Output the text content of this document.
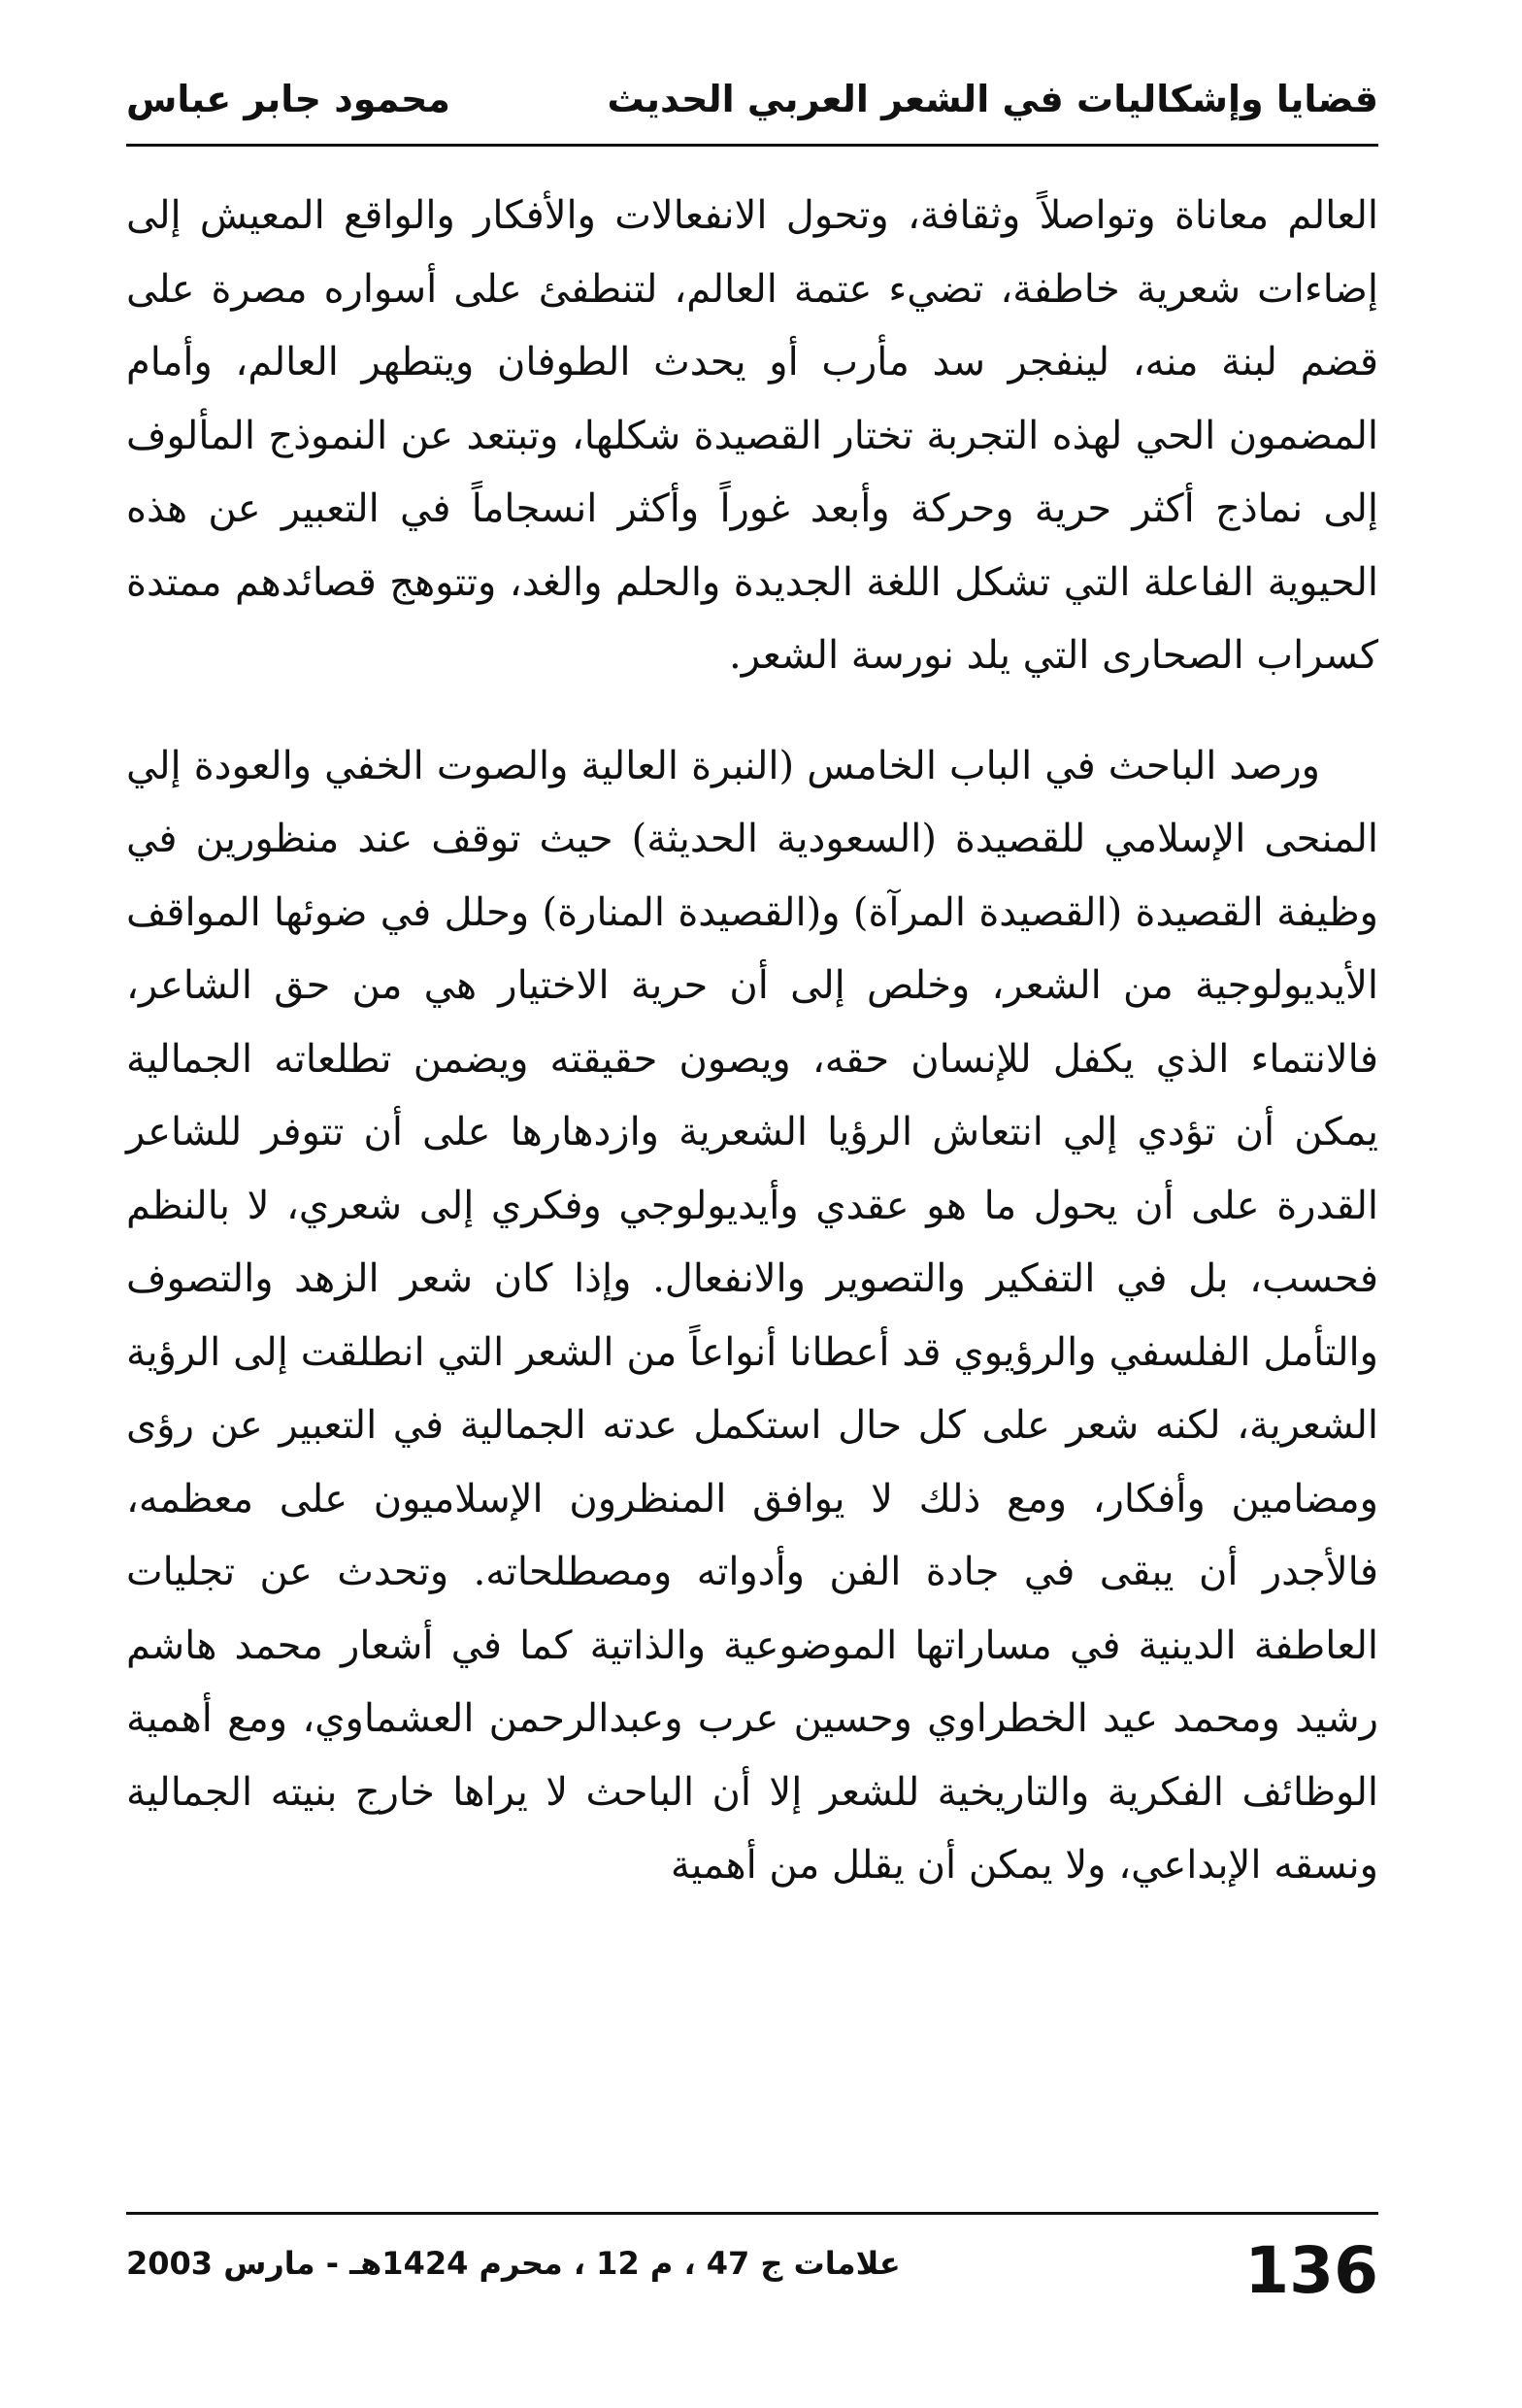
قضايا وإشكاليات في الشعر العربي الحديث
محمود جابر عباس

العالم معاناة وتواصلاً وثقافة، وتحول الانفعالات والأفكار والواقع المعيش إلى إضاءات شعرية خاطفة، تضيء عتمة العالم، لتنطفئ على أسواره مصرة على قضم لبنة منه، لينفجر سد مأرب أو يحدث الطوفان ويتطهر العالم، وأمام المضمون الحي لهذه التجربة تختار القصيدة شكلها، وتبتعد عن النموذج المألوف إلى نماذج أكثر حرية وحركة وأبعد غوراً وأكثر انسجاماً في التعبير عن هذه الحيوية الفاعلة التي تشكل اللغة الجديدة والحلم والغد، وتتوهج قصائدهم ممتدة كسراب الصحارى التي يلد نورسة الشعر.

ورصد الباحث في الباب الخامس (النبرة العالية والصوت الخفي والعودة إلي المنحى الإسلامي للقصيدة (السعودية الحديثة) حيث توقف عند منظورين في وظيفة القصيدة (القصيدة المرآة) و(القصيدة المنارة) وحلل في ضوئها المواقف الأيديولوجية من الشعر، وخلص إلى أن حرية الاختيار هي من حق الشاعر، فالانتماء الذي يكفل للإنسان حقه، ويصون حقيقته ويضمن تطلعاته الجمالية يمكن أن تؤدي إلي انتعاش الرؤيا الشعرية وازدهارها على أن تتوفر للشاعر القدرة على أن يحول ما هو عقدي وأيديولوجي وفكري إلى شعري، لا بالنظم فحسب، بل في التفكير والتصوير والانفعال. وإذا كان شعر الزهد والتصوف والتأمل الفلسفي والرؤيوي قد أعطانا أنواعاً من الشعر التي انطلقت إلى الرؤية الشعرية، لكنه شعر على كل حال استكمل عدته الجمالية في التعبير عن رؤى ومضامين وأفكار، ومع ذلك لا يوافق المنظرون الإسلاميون على معظمه، فالأجدر أن يبقى في جادة الفن وأدواته ومصطلحاته. وتحدث عن تجليات العاطفة الدينية في مساراتها الموضوعية والذاتية كما في أشعار محمد هاشم رشيد ومحمد عيد الخطراوي وحسين عرب وعبدالرحمن العشماوي، ومع أهمية الوظائف الفكرية والتاريخية للشعر إلا أن الباحث لا يراها خارج بنيته الجمالية ونسقه الإبداعي، ولا يمكن أن يقلل من أهمية

136
علامات ج 47 ، م 12 ، محرم 1424هـ - مارس 2003
